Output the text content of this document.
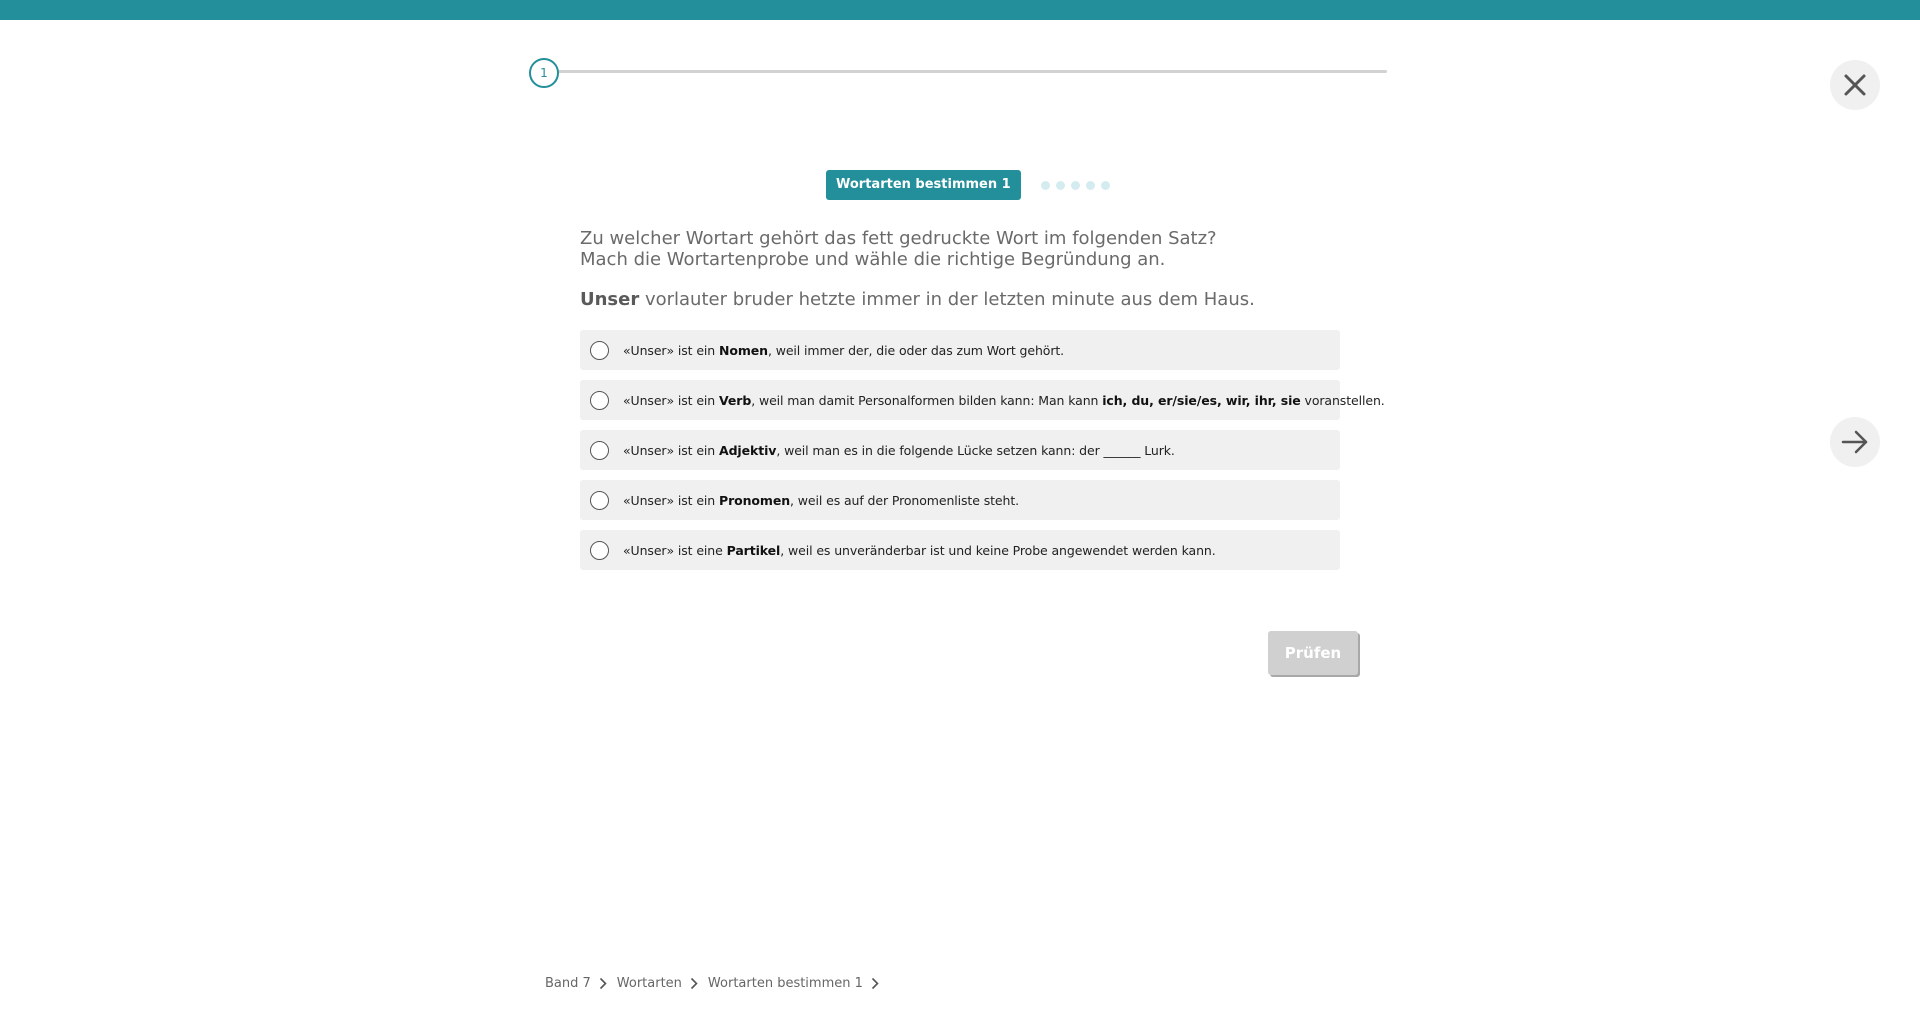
1
Wortarten bestimmen 1
Zu welcher Wortart gehört das fett gedruckte Wort im folgenden Satz?
Mach die Wortartenprobe und wähle die richtige Begründung an.
Unser vorlauter bruder hetzte immer in der letzten minute aus dem Haus.
«Unser» ist ein Nomen, weil immer der, die oder das zum Wort gehört.
«Unser» ist ein Verb, weil man damit Personalformen bilden kann: Man kann ich, du, er/sie/es, wir, ihr, sie voranstellen.
«Unser» ist ein Adjektiv, weil man es in die folgende Lücke setzen kann: der ______ Lurk.
«Unser» ist ein Pronomen, weil es auf der Pronomenliste steht.
«Unser» ist eine Partikel, weil es unveränderbar ist und keine Probe angewendet werden kann.
Prüfen
Band 7 Wortarten Wortarten bestimmen 1
